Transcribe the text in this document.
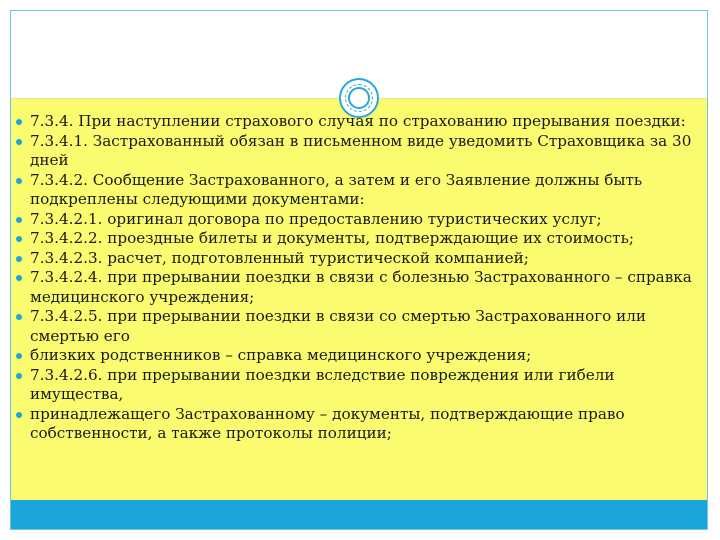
7.3.4. При наступлении страхового случая по страхованию прерывания поездки:
7.3.4.1. Застрахованный обязан в письменном виде уведомить Страховщика за 30 дней
7.3.4.2. Сообщение Застрахованного, а затем и его Заявление должны быть подкреплены следующими документами:
7.3.4.2.1. оригинал договора по предоставлению туристических услуг;
7.3.4.2.2. проездные билеты и документы, подтверждающие их стоимость;
7.3.4.2.3. расчет, подготовленный туристической компанией;
7.3.4.2.4. при прерывании поездки в связи с болезнью Застрахованного – справка медицинского учреждения;
7.3.4.2.5. при прерывании поездки в связи со смертью Застрахованного или смертью его
близких родственников – справка медицинского учреждения;
7.3.4.2.6. при прерывании поездки вследствие повреждения или гибели имущества,
принадлежащего Застрахованному – документы, подтверждающие право собственности, а также протоколы полиции;
